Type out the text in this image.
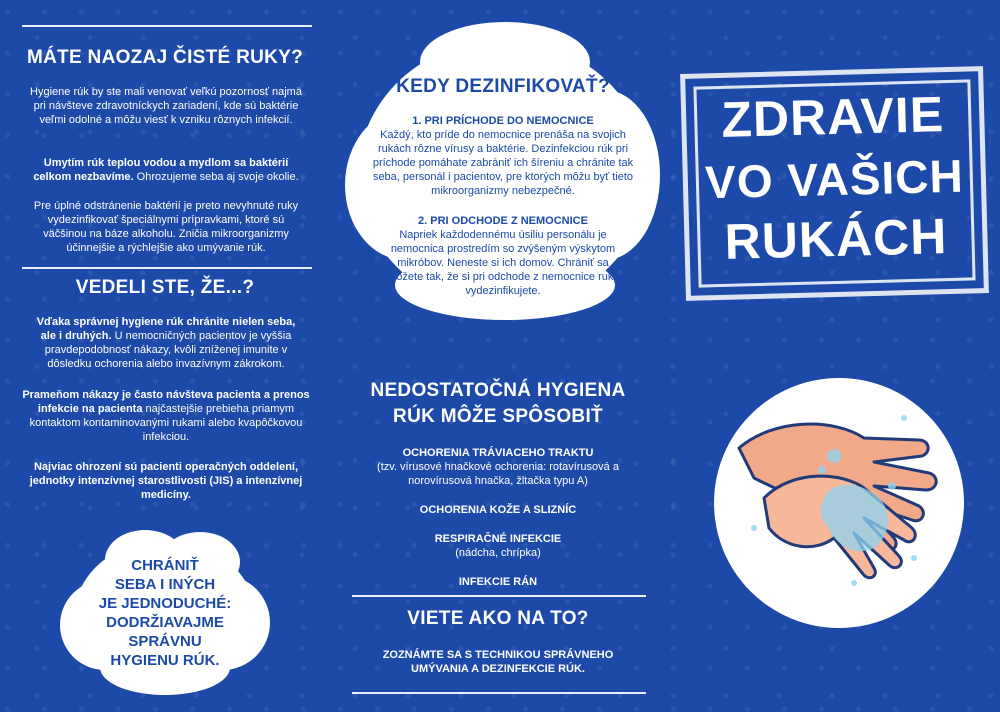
MÁTE NAOZAJ ČISTÉ RUKY?
Hygiene rúk by ste mali venovať veľkú pozornosť najmä pri návšteve zdravotníckych zariadení, kde sú baktérie veľmi odolné a môžu viesť k vzniku rôznych infekcií.
Umytím rúk teplou vodou a mydlom sa baktérií celkom nezbavíme. Ohrozujeme seba aj svoje okolie.
Pre úplné odstránenie baktérií je preto nevyhnuté ruky vydezinfikovať špeciálnymi prípravkami, ktoré sú väčšinou na báze alkoholu. Zničia mikroorganizmy účinnejšie a rýchlejšie ako umývanie rúk.
VEDELI STE, ŽE...?
Vďaka správnej hygiene rúk chránite nielen seba, ale i druhých. U nemocničných pacientov je vyššia pravdepodobnosť nákazy, kvôli zníženej imunite v dôsledku ochorenia alebo invazívnym zákrokom.
Prameňom nákazy je často návšteva pacienta a prenos infekcie na pacienta najčastejšie prebieha priamym kontaktom kontaminovanými rukami alebo kvapôčkovou infekciou.
Najviac ohrození sú pacienti operačných oddelení, jednotky intenzívnej starostlivosti (JIS) a intenzívnej medicíny.
CHRÁNIŤ
SEBA I INÝCH
JE JEDNODUCHÉ:
DODRŽIAVAJME
SPRÁVNU
HYGIENU RÚK.
KEDY DEZINFIKOVAŤ?
1. PRI PRÍCHODE DO NEMOCNICE
Každý, kto príde do nemocnice prenáša na svojich rukách rôzne vírusy a baktérie. Dezinfekciou rúk pri príchode pomáhate zabrániť ich šíreniu a chránite tak seba, personál i pacientov, pre ktorých môžu byť tieto mikroorganizmy nebezpečné.
2. PRI ODCHODE Z NEMOCNICE
Napriek každodennému úsiliu personálu je nemocnica prostredím so zvýšeným výskytom mikróbov. Neneste si ich domov. Chrániť sa môžete tak, že si pri odchode z nemocnice ruky vydezinfikujete.
NEDOSTATOČNÁ HYGIENA
RÚK MÔŽE SPÔSOBIŤ
OCHORENIA TRÁVIACEHO TRAKTU
(tzv. vírusové hnačkové ochorenia: rotavírusová a norovírusová hnačka, žltačka typu A)
OCHORENIA KOŽE A SLIZNÍC
RESPIRAČNÉ INFEKCIE
(nádcha, chrípka)
INFEKCIE RÁN
VIETE AKO NA TO?
ZOZNÁMTE SA S TECHNIKOU SPRÁVNEHO
UMÝVANIA A DEZINFEKCIE RÚK.
ZDRAVIE
VO VAŠICH
RUKÁCH
